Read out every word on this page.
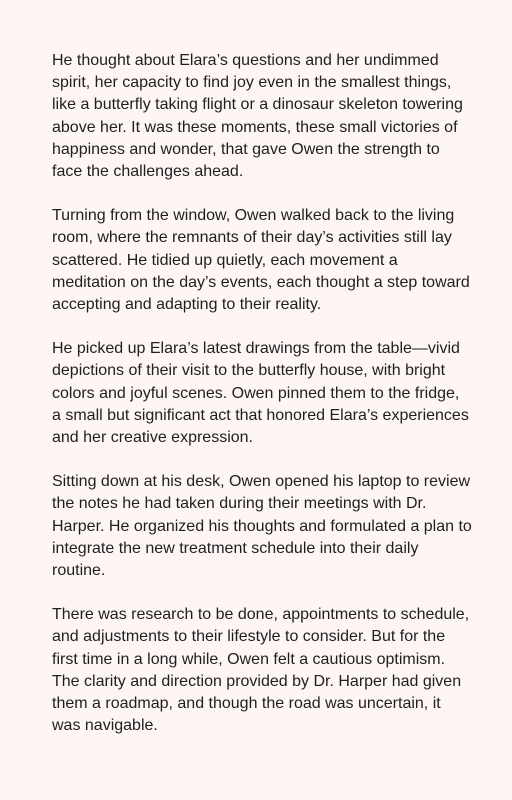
He thought about Elara’s questions and her undimmed spirit, her capacity to find joy even in the smallest things, like a butterfly taking flight or a dinosaur skeleton towering above her. It was these moments, these small victories of happiness and wonder, that gave Owen the strength to face the challenges ahead.

Turning from the window, Owen walked back to the living room, where the remnants of their day’s activities still lay scattered. He tidied up quietly, each movement a meditation on the day’s events, each thought a step toward accepting and adapting to their reality.

He picked up Elara’s latest drawings from the table—vivid depictions of their visit to the butterfly house, with bright colors and joyful scenes. Owen pinned them to the fridge, a small but significant act that honored Elara’s experiences and her creative expression.

Sitting down at his desk, Owen opened his laptop to review the notes he had taken during their meetings with Dr. Harper. He organized his thoughts and formulated a plan to integrate the new treatment schedule into their daily routine.

There was research to be done, appointments to schedule, and adjustments to their lifestyle to consider. But for the first time in a long while, Owen felt a cautious optimism. The clarity and direction provided by Dr. Harper had given them a roadmap, and though the road was uncertain, it was navigable.
